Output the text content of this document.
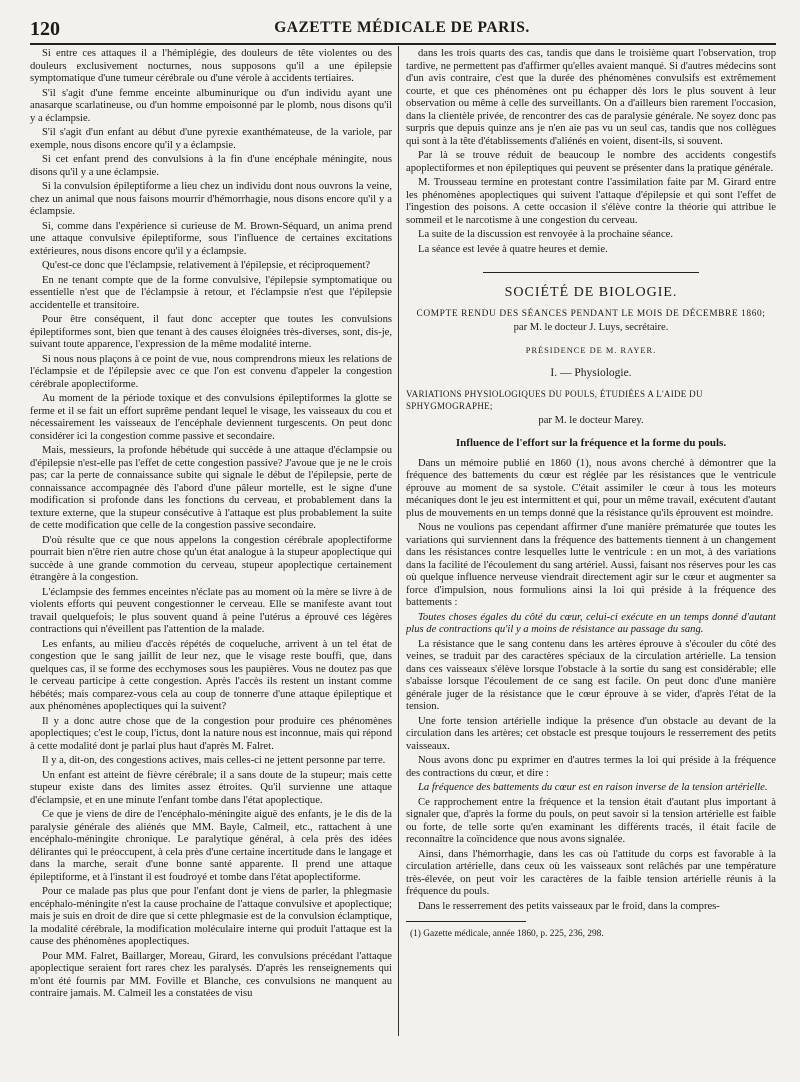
120	GAZETTE MÉDICALE DE PARIS.

Si entre ces attaques il a l'hémiplégie, des douleurs de tête violentes ou des douleurs exclusivement nocturnes, nous supposons qu'il a une épilepsie symptomatique d'une tumeur cérébrale ou d'une vérole à accidents tertiaires.

S'il s'agit d'une femme enceinte albuminurique ou d'un individu ayant une anasarque scarlatineuse, ou d'un homme empoisonné par le plomb, nous disons qu'il y a éclampsie.

S'il s'agit d'un enfant au début d'une pyrexie exanthémateuse, de la variole, par exemple, nous disons encore qu'il y a éclampsie.

Si cet enfant prend des convulsions à la fin d'une encéphale méningite, nous disons qu'il y a une éclampsie.

Si la convulsion épileptiforme a lieu chez un individu dont nous ouvrons la veine, chez un animal que nous faisons mourrir d'hémorrhagie, nous disons encore qu'il y a éclampsie.

Si, comme dans l'expérience si curieuse de M. Brown-Séquard, un anima prend une attaque convulsive épileptiforme, sous l'influence de certaines excitations extérieures, nous disons encore qu'il y a éclampsie.

Qu'est-ce donc que l'éclampsie, relativement à l'épilepsie, et réciproquement?

En ne tenant compte que de la forme convulsive, l'épilepsie symptomatique ou essentielle n'est que de l'éclampsie à retour, et l'éclampsie n'est que l'épilepsie accidentelle et transitoire.

Pour être conséquent, il faut donc accepter que toutes les convulsions épileptiformes sont, bien que tenant à des causes éloignées très-diverses, sont, dis-je, suivant toute apparence, l'expression de la même modalité interne.

Si nous nous plaçons à ce point de vue, nous comprendrons mieux les relations de l'éclampsie et de l'épilepsie avec ce que l'on est convenu d'appeler la congestion cérébrale apoplectiforme.

Au moment de la période toxique et des convulsions épileptiformes la glotte se ferme et il se fait un effort suprême pendant lequel le visage, les vaisseaux du cou et nécessairement les vaisseaux de l'encéphale deviennent turgescents. On peut donc considérer ici la congestion comme passive et secondaire.

Mais, messieurs, la profonde hébétude qui succède à une attaque d'éclampsie ou d'épilepsie n'est-elle pas l'effet de cette congestion passive? J'avoue que je ne le crois pas; car la perte de connaissance subite qui signale le début de l'épilepsie, perte de connaissance accompagnée dès l'abord d'une pâleur mortelle, est le signe d'une modification si profonde dans les fonctions du cerveau, et probablement dans la texture externe, que la stupeur consécutive à l'attaque est plus probablement la suite de cette modification que celle de la congestion passive secondaire.

D'où résulte que ce que nous appelons la congestion cérébrale apoplectiforme pourrait bien n'être rien autre chose qu'un état analogue à la stupeur apoplectique qui succède à une grande commotion du cerveau, stupeur apoplectique certainement étrangère à la congestion.

L'éclampsie des femmes enceintes n'éclate pas au moment où la mère se livre à de violents efforts qui peuvent congestionner le cerveau. Elle se manifeste avant tout travail quelquefois; le plus souvent quand à peine l'utérus a éprouvé ces légères contractions qui n'éveillent pas l'attention de la malade.

Les enfants, au milieu d'accès répétés de coqueluche, arrivent à un tel état de congestion que le sang jaillit de leur nez, que le visage reste bouffi, que, dans quelques cas, il se forme des ecchymoses sous les paupières. Vous ne doutez pas que le cerveau participe à cette congestion. Après l'accès ils restent un instant comme hébétés; mais comparez-vous cela au coup de tonnerre d'une attaque épileptique et aux phénomènes apoplectiques qui la suivent?

Il y a donc autre chose que de la congestion pour produire ces phénomènes apoplectiques; c'est le coup, l'ictus, dont la nature nous est inconnue, mais qui répond à cette modalité dont je parlai plus haut d'après M. Falret.

Il y a, dit-on, des congestions actives, mais celles-ci ne jettent personne par terre.

Un enfant est atteint de fièvre cérébrale; il a sans doute de la stupeur; mais cette stupeur existe dans des limites assez étroites. Qu'il survienne une attaque d'éclampsie, et en une minute l'enfant tombe dans l'état apoplectique.

Ce que je viens de dire de l'encéphalo-méningite aiguë des enfants, je le dis de la paralysie générale des aliénés que MM. Bayle, Calmeil, etc., rattachent à une encéphalo-méningite chronique. Le paralytique général, à cela près des idées délirantes qui le préoccupent, à cela près d'une certaine incertitude dans le langage et dans la marche, serait d'une bonne santé apparente. Il prend une attaque épileptiforme, et à l'instant il est foudroyé et tombe dans l'état apoplectiforme.

Pour ce malade pas plus que pour l'enfant dont je viens de parler, la phlegmasie encéphalo-méningite n'est la cause prochaine de l'attaque convulsive et apoplectique; mais je suis en droit de dire que si cette phlegmasie est de la convulsion éclamptique, la modalité cérébrale, la modification moléculaire interne qui produit l'attaque est la cause des phénomènes apoplectiques.

Pour MM. Falret, Baillarger, Moreau, Girard, les convulsions précédant l'attaque apoplectique seraient fort rares chez les paralysés. D'après les renseignements qui m'ont été fournis par MM. Foville et Blanche, ces convulsions ne manquent au contraire jamais. M. Calmeil les a constatées de visu

dans les trois quarts des cas, tandis que dans le troisième quart l'observation, trop tardive, ne permettent pas d'affirmer qu'elles avaient manqué. Si d'autres médecins sont d'un avis contraire, c'est que la durée des phénomènes convulsifs est extrêmement courte, et que ces phénomènes ont pu échapper dès lors le plus souvent à leur observation ou même à celle des surveillants. On a d'ailleurs bien rarement l'occasion, dans la clientèle privée, de rencontrer des cas de paralysie générale. Ne soyez donc pas surpris que depuis quinze ans je n'en aie pas vu un seul cas, tandis que nos collègues qui sont à la tête d'établissements d'aliénés en voient, disent-ils, si souvent.

Par là se trouve réduit de beaucoup le nombre des accidents congestifs apoplectiformes et non épileptiques qui peuvent se présenter dans la pratique générale.

M. Trousseau termine en protestant contre l'assimilation faite par M. Girard entre les phénomènes apoplectiques qui suivent l'attaque d'épilepsie et qui sont l'effet de l'ingestion des poisons. A cette occasion il s'élève contre la théorie qui attribue le sommeil et le narcotisme à une congestion du cerveau.

La suite de la discussion est renvoyée à la prochaine séance.

La séance est levée à quatre heures et demie.

SOCIÉTÉ DE BIOLOGIE.

COMPTE RENDU DES SÉANCES PENDANT LE MOIS DE DÉCEMBRE 1860;

par M. le docteur J. Luys, secrétaire.

PRÉSIDENCE DE M. RAYER.

I. — Physiologie.

VARIATIONS PHYSIOLOGIQUES DU POULS, ÉTUDIÉES A L'AIDE DU SPHYGMOGRAPHE;

par M. le docteur Marey.

Influence de l'effort sur la fréquence et la forme du pouls.

Dans un mémoire publié en 1860 (1), nous avons cherché à démontrer que la fréquence des battements du cœur est réglée par les résistances que le ventricule éprouve au moment de sa systole. C'était assimiler le cœur à tous les moteurs mécaniques dont le jeu est intermittent et qui, pour un même travail, exécutent d'autant plus de mouvements en un temps donné que la résistance qu'ils éprouvent est moindre.

Nous ne voulions pas cependant affirmer d'une manière prématurée que toutes les variations qui surviennent dans la fréquence des battements tiennent à un changement dans les résistances contre lesquelles lutte le ventricule : en un mot, à des variations dans la facilité de l'écoulement du sang artériel. Aussi, faisant nos réserves pour les cas où quelque influence nerveuse viendrait directement agir sur le cœur et augmenter sa force d'impulsion, nous formulions ainsi la loi qui préside à la fréquence des battements :

Toutes choses égales du côté du cœur, celui-ci exécute en un temps donné d'autant plus de contractions qu'il y a moins de résistance au passage du sang.

La résistance que le sang contenu dans les artères éprouve à s'écouler du côté des veines, se traduit par des caractères spéciaux de la circulation artérielle. La tension dans ces vaisseaux s'élève lorsque l'obstacle à la sortie du sang est considérable; elle s'abaisse lorsque l'écoulement de ce sang est facile. On peut donc d'une manière générale juger de la résistance que le cœur éprouve à se vider, d'après l'état de la tension.

Une forte tension artérielle indique la présence d'un obstacle au devant de la circulation dans les artères; cet obstacle est presque toujours le resserrement des petits vaisseaux.

Nous avons donc pu exprimer en d'autres termes la loi qui préside à la fréquence des contractions du cœur, et dire :

La fréquence des battements du cœur est en raison inverse de la tension artérielle.

Ce rapprochement entre la fréquence et la tension était d'autant plus important à signaler que, d'après la forme du pouls, on peut savoir si la tension artérielle est faible ou forte, de telle sorte qu'en examinant les différents tracés, il était facile de reconnaître la coïncidence que nous avons signalée.

Ainsi, dans l'hémorrhagie, dans les cas où l'attitude du corps est favorable à la circulation artérielle, dans ceux où les vaisseaux sont relâchés par une température très-élevée, on peut voir les caractères de la faible tension artérielle réunis à la fréquence du pouls.

Dans le resserrement des petits vaisseaux par le froid, dans la compres-

(1) Gazette médicale, année 1860, p. 225, 236, 298.
